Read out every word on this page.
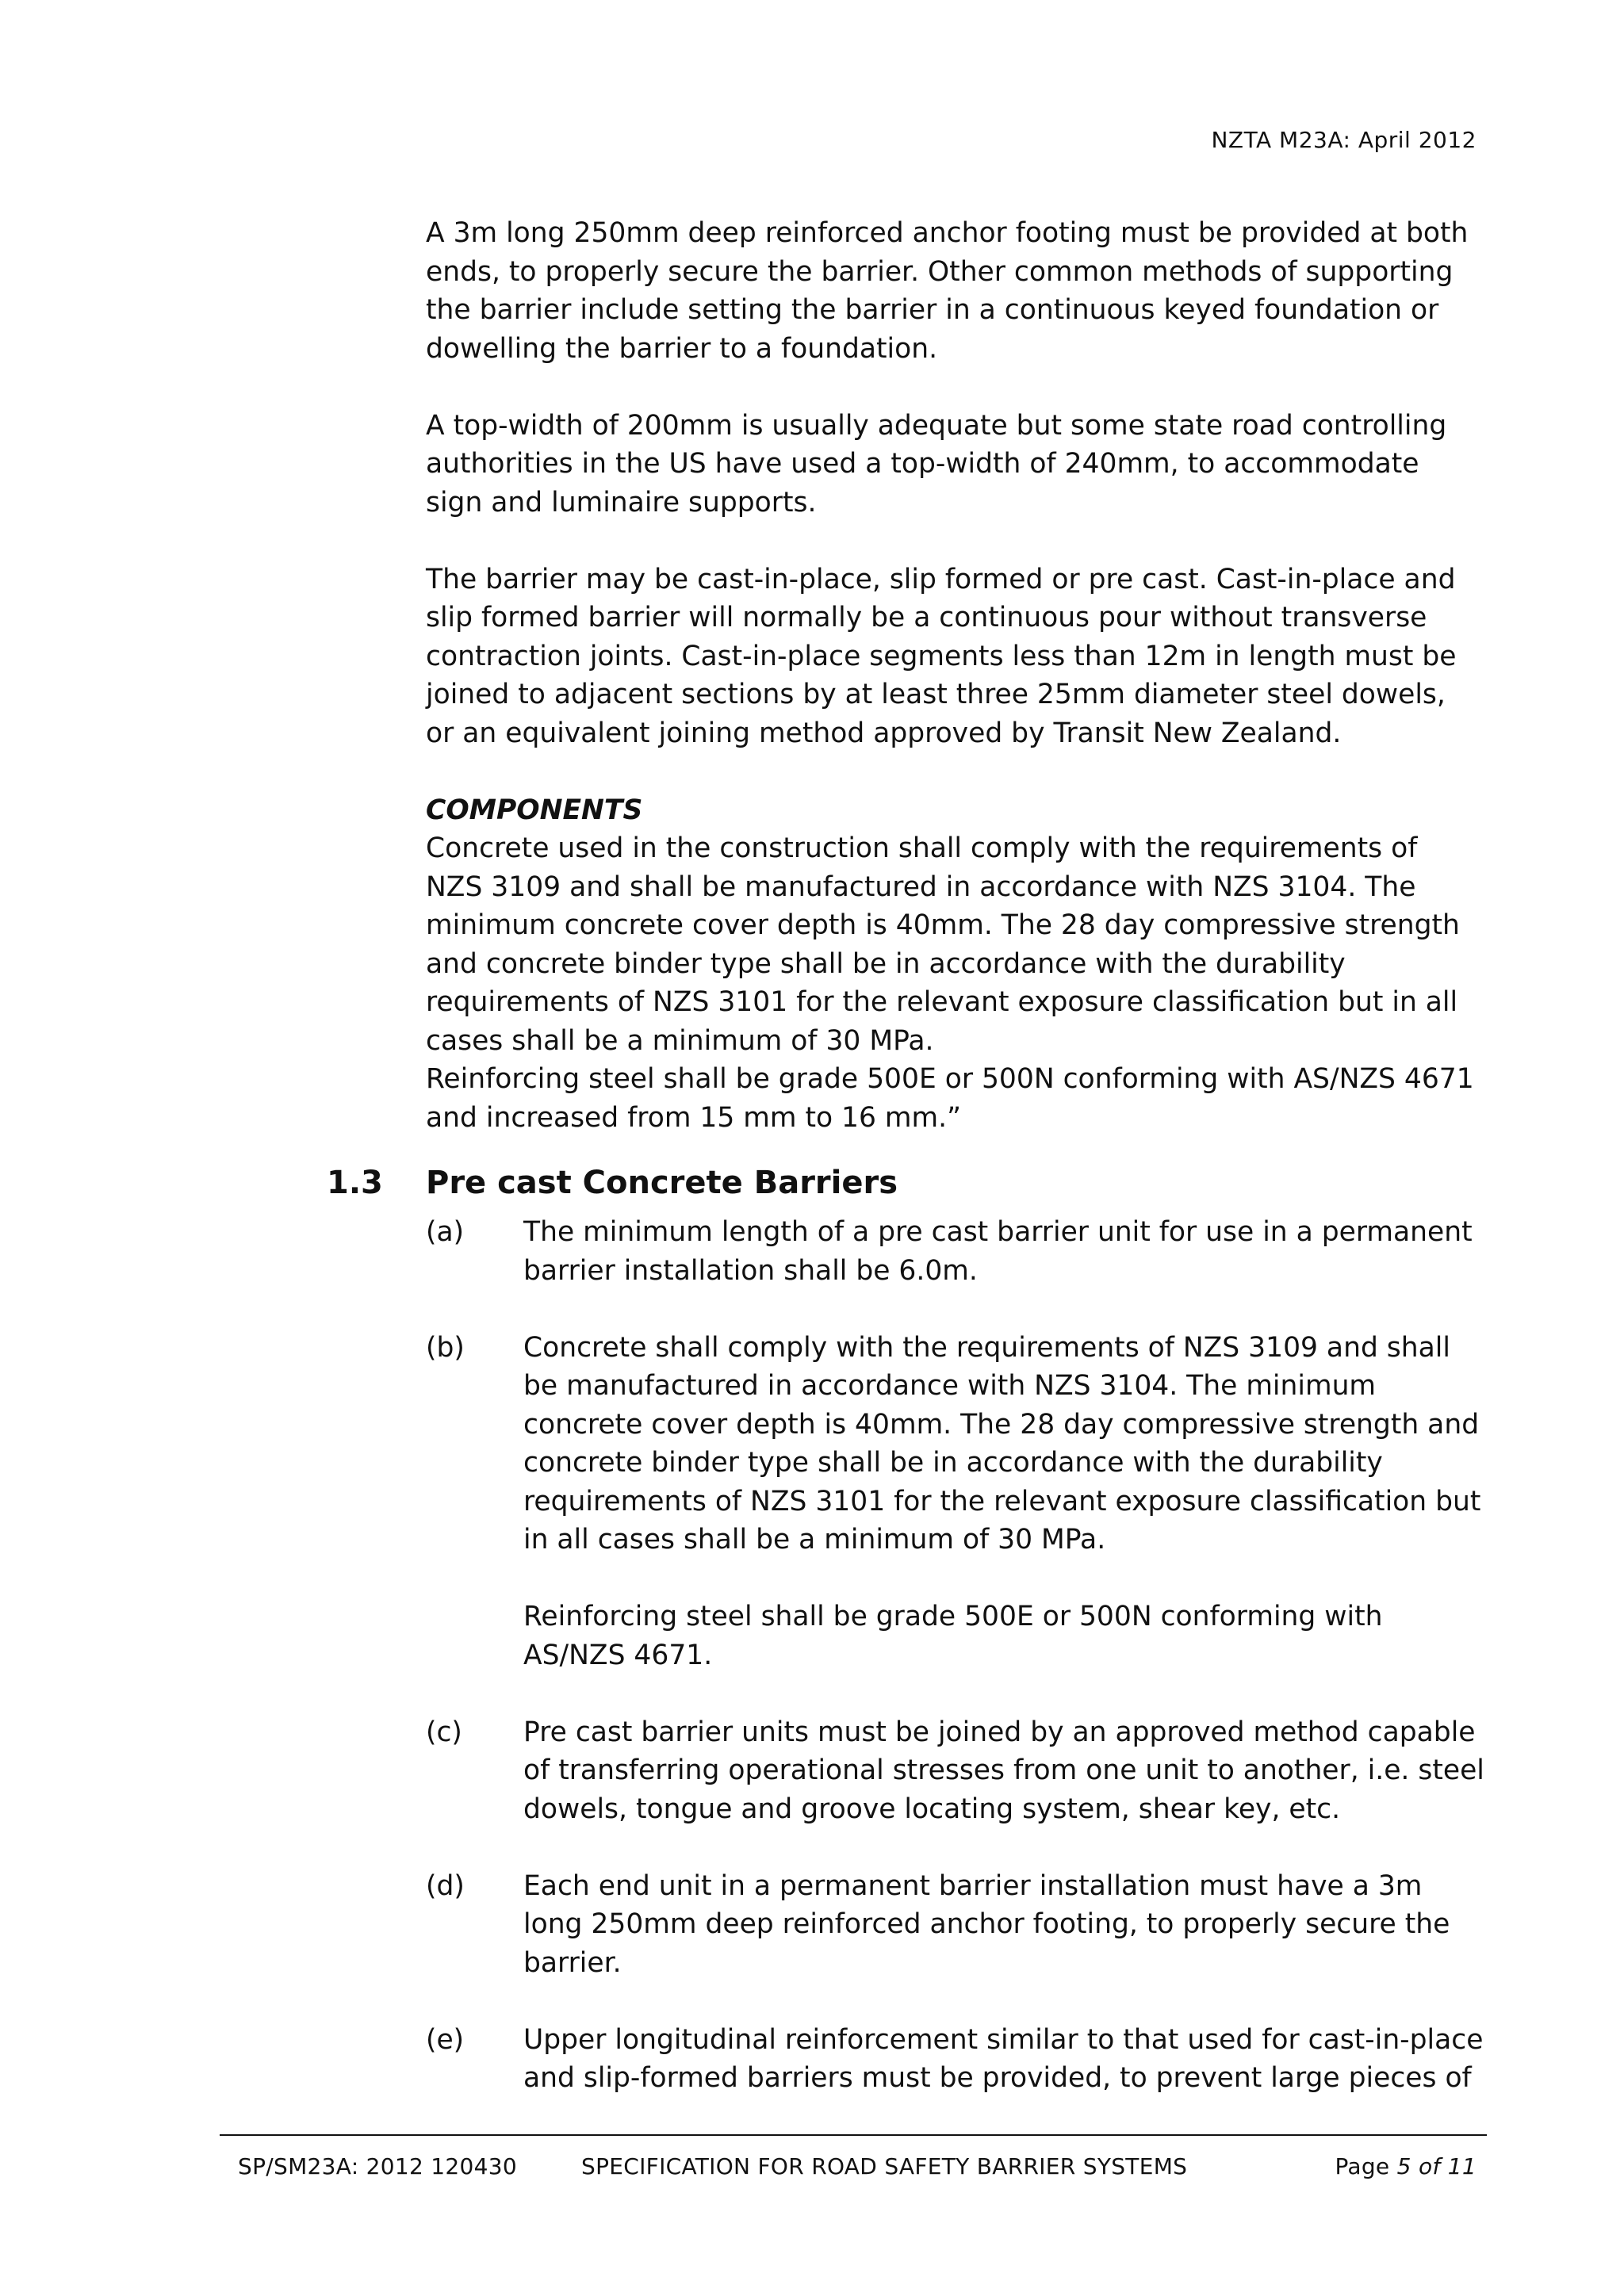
NZTA M23A: April 2012

A 3m long 250mm deep reinforced anchor footing must be provided at both ends, to properly secure the barrier. Other common methods of supporting the barrier include setting the barrier in a continuous keyed foundation or dowelling the barrier to a foundation.

A top-width of 200mm is usually adequate but some state road controlling authorities in the US have used a top-width of 240mm, to accommodate sign and luminaire supports.

The barrier may be cast-in-place, slip formed or pre cast. Cast-in-place and slip formed barrier will normally be a continuous pour without transverse contraction joints. Cast-in-place segments less than 12m in length must be joined to adjacent sections by at least three 25mm diameter steel dowels, or an equivalent joining method approved by Transit New Zealand.

COMPONENTS

Concrete used in the construction shall comply with the requirements of NZS 3109 and shall be manufactured in accordance with NZS 3104. The minimum concrete cover depth is 40mm. The 28 day compressive strength and concrete binder type shall be in accordance with the durability requirements of NZS 3101 for the relevant exposure classification but in all cases shall be a minimum of 30 MPa.

Reinforcing steel shall be grade 500E or 500N conforming with AS/NZS 4671 and increased from 15 mm to 16 mm.”

1.3 Pre cast Concrete Barriers
(a)	The minimum length of a pre cast barrier unit for use in a permanent barrier installation shall be 6.0m.

(b)	Concrete shall comply with the requirements of NZS 3109 and shall be manufactured in accordance with NZS 3104. The minimum concrete cover depth is 40mm. The 28 day compressive strength and concrete binder type shall be in accordance with the durability requirements of NZS 3101 for the relevant exposure classification but in all cases shall be a minimum of 30 MPa.

Reinforcing steel shall be grade 500E or 500N conforming with AS/NZS 4671.

(c)	Pre cast barrier units must be joined by an approved method capable of transferring operational stresses from one unit to another, i.e. steel dowels, tongue and groove locating system, shear key, etc.

(d)	Each end unit in a permanent barrier installation must have a 3m long 250mm deep reinforced anchor footing, to properly secure the barrier.

(e)	Upper longitudinal reinforcement similar to that used for cast-in-place and slip-formed barriers must be provided, to prevent large pieces of

SP/SM23A: 2012 120430	SPECIFICATION FOR ROAD SAFETY BARRIER SYSTEMS	Page 5 of 11
